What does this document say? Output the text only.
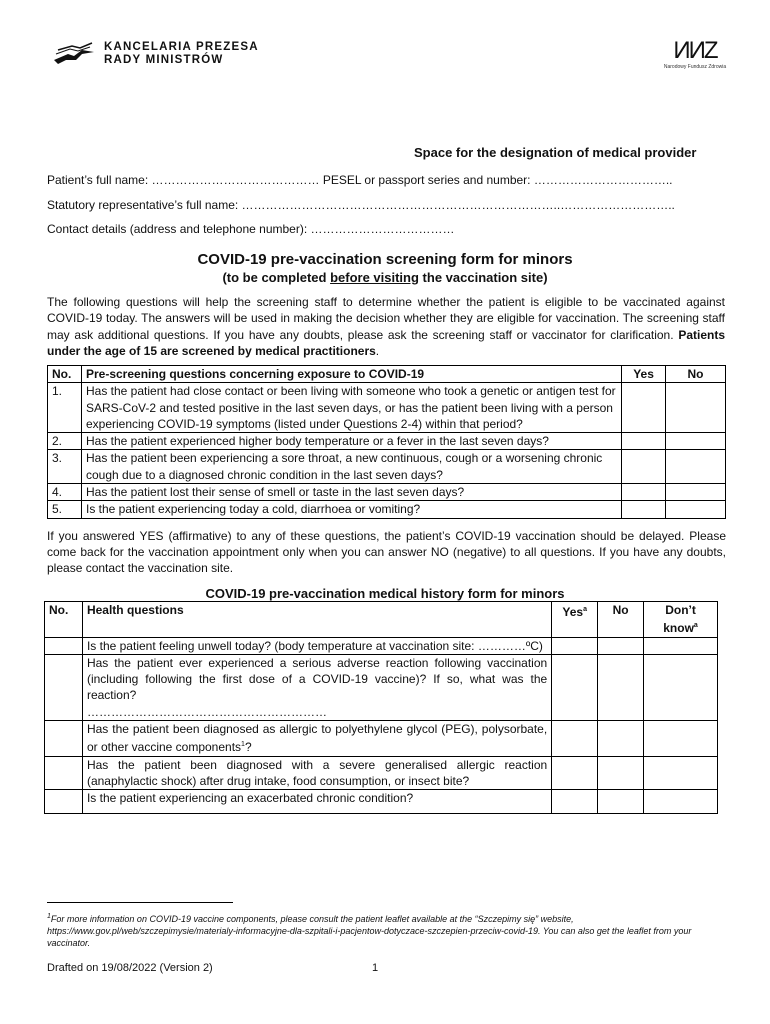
KANCELARIA PREZESA
RADY MINISTRÓW	ИИZ
Narodowy Fundusz Zdrowia
Space for the designation of medical provider
Patient’s full name: …………………………………… PESEL or passport series and number: ……………………………..
Statutory representative’s full name: ……………………………………………………………………..………………………..
Contact details (address and telephone number): ………………………………
COVID-19 pre-vaccination screening form for minors
(to be completed before visiting the vaccination site)
The following questions will help the screening staff to determine whether the patient is eligible to be vaccinated against COVID-19 today. The answers will be used in making the decision whether they are eligible for vaccination. The screening staff may ask additional questions. If you have any doubts, please ask the screening staff or vaccinator for clarification. Patients under the age of 15 are screened by medical practitioners.
No.	Pre-screening questions concerning exposure to COVID-19	Yes	No
1.	Has the patient had close contact or been living with someone who took a genetic or antigen test for SARS-CoV-2 and tested positive in the last seven days, or has the patient been living with a person experiencing COVID-19 symptoms (listed under Questions 2-4) within that period?		
2.	Has the patient experienced higher body temperature or a fever in the last seven days?		
3.	Has the patient been experiencing a sore throat, a new continuous, cough or a worsening chronic cough due to a diagnosed chronic condition in the last seven days?		
4.	Has the patient lost their sense of smell or taste in the last seven days?		
5.	Is the patient experiencing today a cold, diarrhoea or vomiting?		
If you answered YES (affirmative) to any of these questions, the patient’s COVID-19 vaccination should be delayed. Please come back for the vaccination appointment only when you can answer NO (negative) to all questions. If you have any doubts, please contact the vaccination site.
COVID-19 pre-vaccination medical history form for minors
No.	Health questions	Yes$^a$	No	Don’t know$^a$
	Is the patient feeling unwell today? (body temperature at vaccination site: …………ºC)			
	Has the patient ever experienced a serious adverse reaction following vaccination (including following the first dose of a COVID-19 vaccine)? If so, what was the reaction?
……………………………………………………			
	Has the patient been diagnosed as allergic to polyethylene glycol (PEG), polysorbate, or other vaccine components$^1$?			
	Has the patient been diagnosed with a severe generalised allergic reaction (anaphylactic shock) after drug intake, food consumption, or insect bite?			
	Is the patient experiencing an exacerbated chronic condition?			
$^1$For more information on COVID-19 vaccine components, please consult the patient leaflet available at the “Szczepimy się” website, https://www.gov.pl/web/szczepimysie/materialy-informacyjne-dla-szpitali-i-pacjentow-dotyczace-szczepien-przeciw-covid-19. You can also get the leaflet from your vaccinator.
Drafted on 19/08/2022 (Version 2)	1
